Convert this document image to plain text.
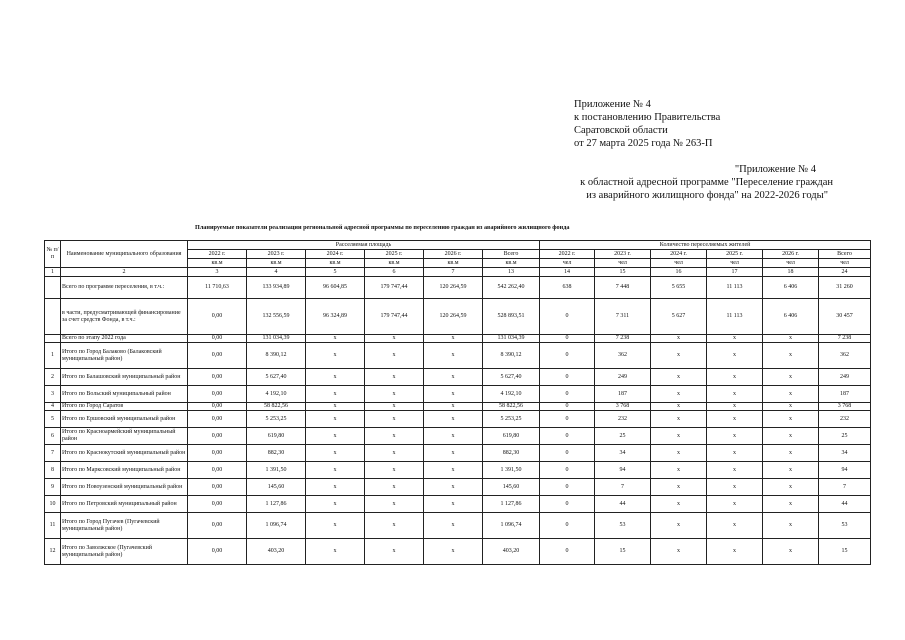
Приложение № 4
к постановлению Правительства
Саратовской области
от 27 марта 2025 года № 263-П
"Приложение № 4
к областной адресной программе "Переселение граждан
из аварийного жилищного фонда" на 2022-2026 годы"
Планируемые показатели реализации региональной адресной программы по переселению граждан из аварийного жилищного фонда
№ п/п	Наименование муниципального образования	Расселяемая площадь						Количество переселяемых жителей					
		2022 г.	2023 г.	2024 г.	2025 г.	2026 г.	Всего	2022 г.	2023 г.	2024 г.	2025 г.	2026 г.	Всего
		кв.м	кв.м	кв.м	кв.м	кв.м	кв.м	чел	чел	чел	чел	чел	чел
1	2	3	4	5	6	7	13	14	15	16	17	18	24
	Всего по программе переселения, в т.ч.:	11 710,63	133 934,89	96 604,85	179 747,44	120 264,59	542 262,40	638	7 448	5 655	11 113	6 406	31 260
	в части, предусматривающей финансирование за счет средств Фонда, в т.ч.:	0,00	132 556,59	96 324,89	179 747,44	120 264,59	528 893,51	0	7 311	5 627	11 113	6 406	30 457
	Всего по этапу 2022 года	0,00	131 034,39	x	x	x	131 034,39	0	7 238	x	x	x	7 238
1	Итого по Город Балаково (Балаковский муниципальный район)	0,00	8 390,12	x	x	x	8 390,12	0	362	x	x	x	362
2	Итого по Балашовский муниципальный район	0,00	5 627,40	x	x	x	5 627,40	0	249	x	x	x	249
3	Итого по Вольский муниципальный район	0,00	4 192,10	x	x	x	4 192,10	0	187	x	x	x	187
4	Итого по Город Саратов	0,00	58 822,56	x	x	x	58 822,56	0	3 768	x	x	x	3 768
5	Итого по Ершовский муниципальный район	0,00	5 253,25	x	x	x	5 253,25	0	232	x	x	x	232
6	Итого по Красноармейский муниципальный район	0,00	619,80	x	x	x	619,80	0	25	x	x	x	25
7	Итого по Краснокутский муниципальный район	0,00	882,30	x	x	x	882,30	0	34	x	x	x	34
8	Итого по Марксовский муниципальный район	0,00	1 391,50	x	x	x	1 391,50	0	94	x	x	x	94
9	Итого по Новоузенский муниципальный район	0,00	145,60	x	x	x	145,60	0	7	x	x	x	7
10	Итого по Петровский муниципальный район	0,00	1 127,86	x	x	x	1 127,86	0	44	x	x	x	44
11	Итого по Город Пугачев (Пугачевский муниципальный район)	0,00	1 096,74	x	x	x	1 096,74	0	53	x	x	x	53
12	Итого по Заволжское (Пугачевский муниципальный район)	0,00	403,20	x	x	x	403,20	0	15	x	x	x	15
